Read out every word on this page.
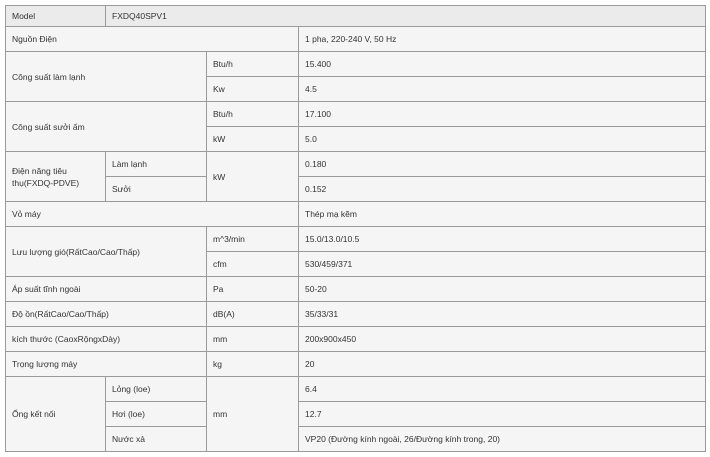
Model	FXDQ40SPV1		
Nguồn Điện			1 pha, 220-240 V, 50 Hz
Công suất làm lạnh		Btu/h	15.400
		Kw	4.5
Công suất sưởi ấm		Btu/h	17.100
		kW	5.0
Điện năng tiêu thụ(FXDQ-PDVE)	Làm lạnh	kW	0.180
	Sưởi		0.152
Vỏ máy			Thép mạ kẽm
Lưu lượng gió(RấtCao/Cao/Thấp)		m^3/min	15.0/13.0/10.5
		cfm	530/459/371
Áp suất tĩnh ngoài		Pa	50-20
Độ ồn(RấtCao/Cao/Thấp)		dB(A)	35/33/31
kích thước (CaoxRộngxDày)		mm	200x900x450
Trọng lượng máy		kg	20
Ống kết nối	Lỏng (loe)	mm	6.4
	Hơi (loe)		12.7
	Nước xả		VP20 (Đường kính ngoài, 26/Đường kính trong, 20)
